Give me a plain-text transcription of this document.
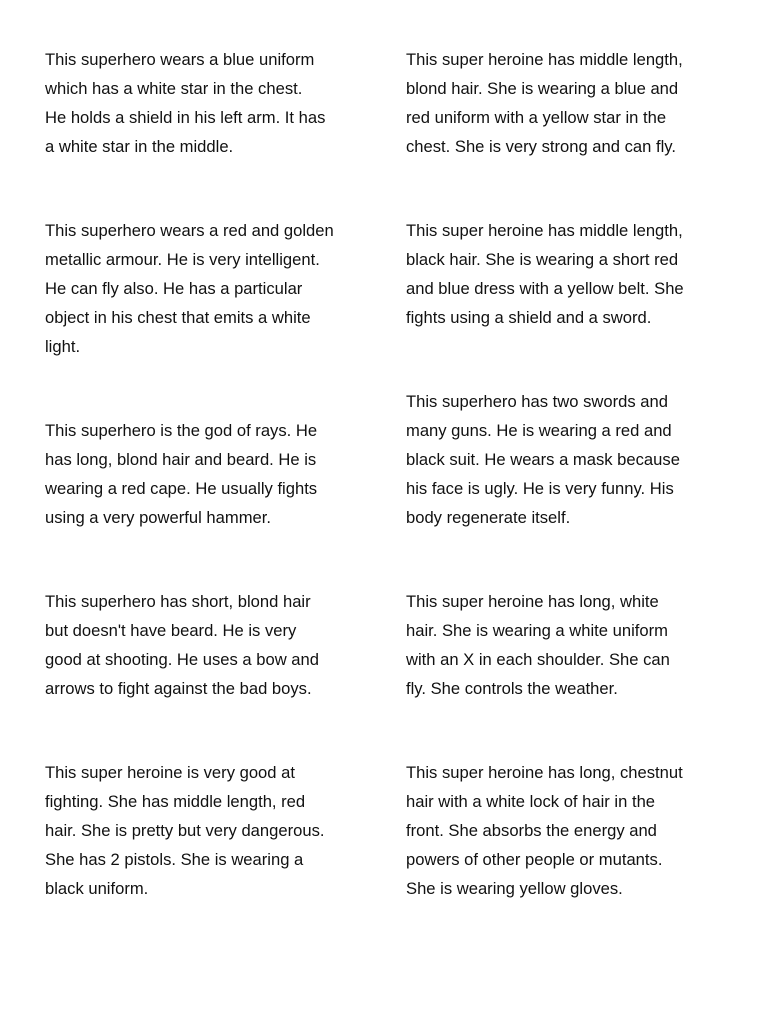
This superhero wears a blue uniform
which has a white star in the chest.
He holds a shield in his left arm. It has
a white star in the middle.

This superhero wears a red and golden
metallic armour. He is very intelligent.
He can fly also. He has a particular
object in his chest that emits a white
light.

This superhero is the god of rays. He
has long, blond hair and beard. He is
wearing a red cape. He usually fights
using a very powerful hammer.

This superhero has short, blond hair
but doesn't have beard. He is very
good at shooting. He uses a bow and
arrows to fight against the bad boys.

This super heroine is very good at
fighting. She has middle length, red
hair. She is pretty but very dangerous.
She has 2 pistols. She is wearing a
black uniform.

This super heroine has middle length,
blond hair. She is wearing a blue and
red uniform with a yellow star in the
chest. She is very strong and can fly.

This super heroine has middle length,
black hair. She is wearing a short red
and blue dress with a yellow belt. She
fights using a shield and a sword.

This superhero has two swords and
many guns. He is wearing a red and
black suit. He wears a mask because
his face is ugly. He is very funny. His
body regenerate itself.

This super heroine has long, white
hair. She is wearing a white uniform
with an X in each shoulder. She can
fly. She controls the weather.

This super heroine has long, chestnut
hair with a white lock of hair in the
front. She absorbs the energy and
powers of other people or mutants.
She is wearing yellow gloves.
